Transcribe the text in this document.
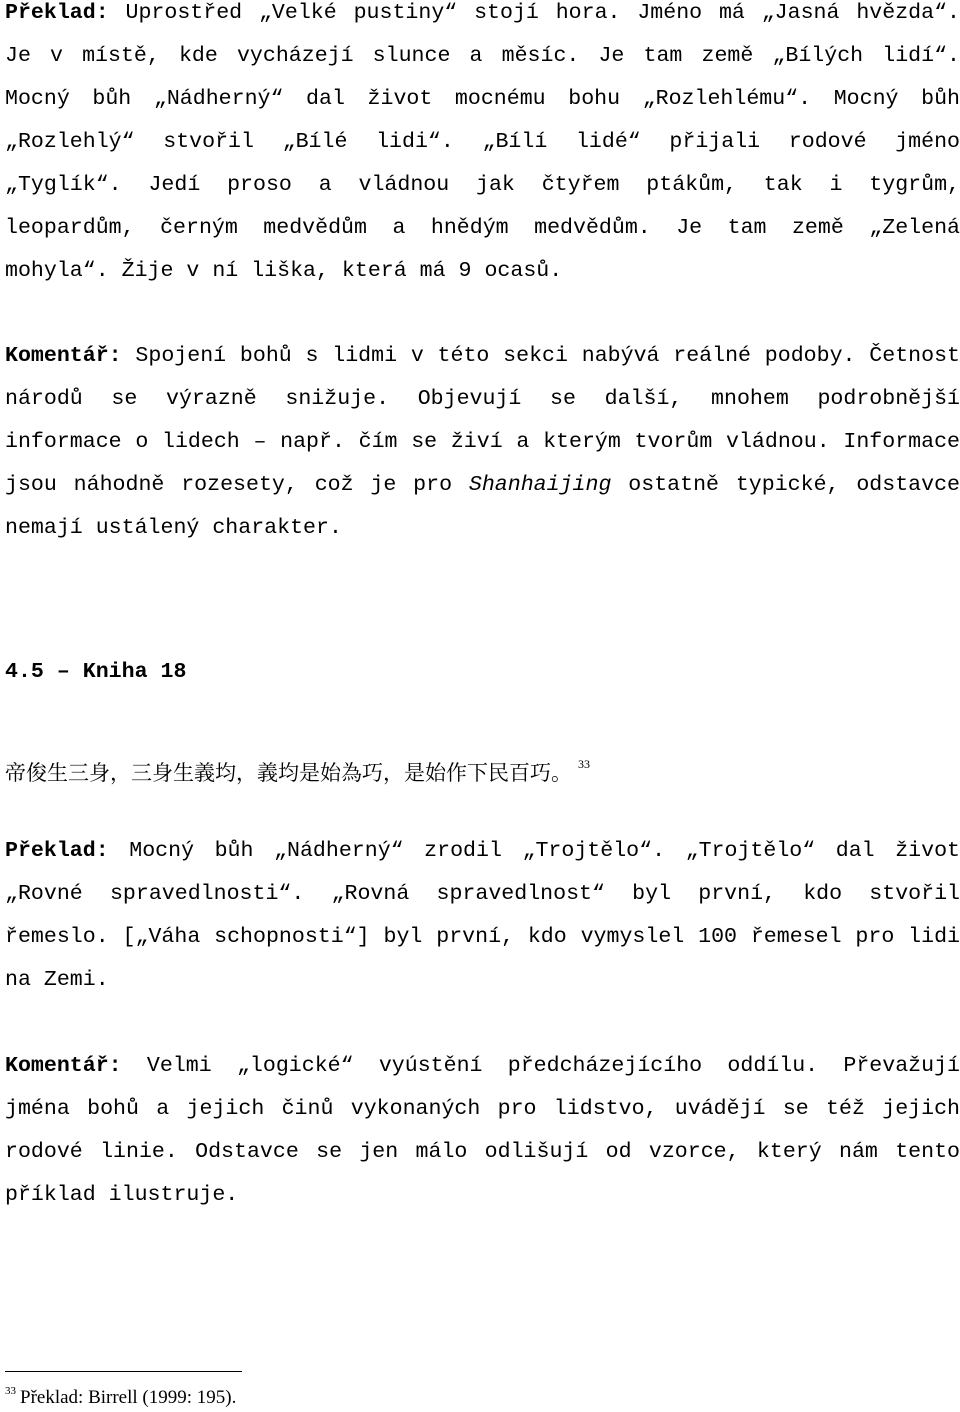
Překlad: Uprostřed „Velké pustiny“ stojí hora. Jméno má „Jasná hvězda“. Je v místě, kde vycházejí slunce a měsíc. Je tam země „Bílých lidí“. Mocný bůh „Nádherný“ dal život mocnému bohu „Rozlehlému“. Mocný bůh „Rozlehlý“ stvořil „Bílé lidi“. „Bílí lidé“ přijali rodové jméno „Tyglík“. Jedí proso a vládnou jak čtyřem ptákům, tak i tygrům, leopardům, černým medvědům a hnědým medvědům. Je tam země „Zelená mohyla“. Žije v ní liška, která má 9 ocasů.

Komentář: Spojení bohů s lidmi v této sekci nabývá reálné podoby. Četnost národů se výrazně snižuje. Objevují se další, mnohem podrobnější informace o lidech – např. čím se živí a kterým tvorům vládnou. Informace jsou náhodně rozesety, což je pro Shanhaijing ostatně typické, odstavce nemají ustálený charakter.

4.5 – Kniha 18

帝俊生三身，三身生義均，義均是始為巧，是始作下民百巧。 $^{33}$

Překlad: Mocný bůh „Nádherný“ zrodil „Trojtělo“. „Trojtělo“ dal život „Rovné spravedlnosti“. „Rovná spravedlnost“ byl první, kdo stvořil řemeslo. [„Váha schopnosti“] byl první, kdo vymyslel 100 řemesel pro lidi na Zemi.

Komentář: Velmi „logické“ vyústění předcházejícího oddílu. Převažují jména bohů a jejich činů vykonaných pro lidstvo, uvádějí se též jejich rodové linie. Odstavce se jen málo odlišují od vzorce, který nám tento příklad ilustruje.

$^{33}$ Překlad: Birrell (1999: 195).
